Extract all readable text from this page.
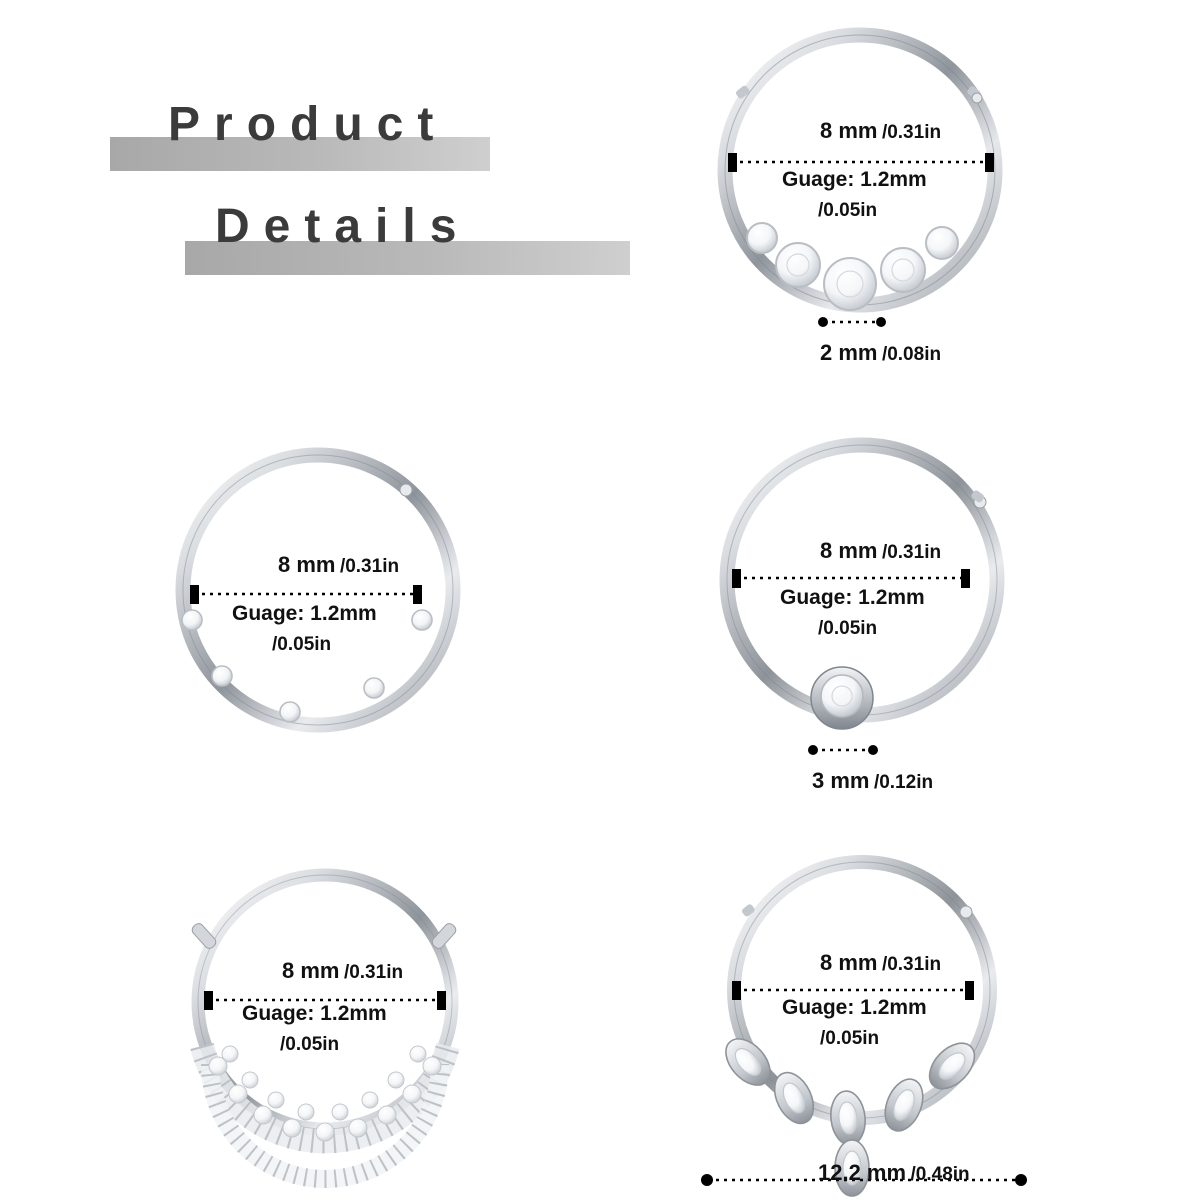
Product
Details
8 mm /0.31in
Guage: 1.2mm
/0.05in
2 mm /0.08in
8 mm /0.31in
Guage: 1.2mm
/0.05in
8 mm /0.31in
Guage: 1.2mm
/0.05in
3 mm /0.12in
8 mm /0.31in
Guage: 1.2mm
/0.05in
8 mm /0.31in
Guage: 1.2mm
/0.05in
12.2 mm /0.48in
